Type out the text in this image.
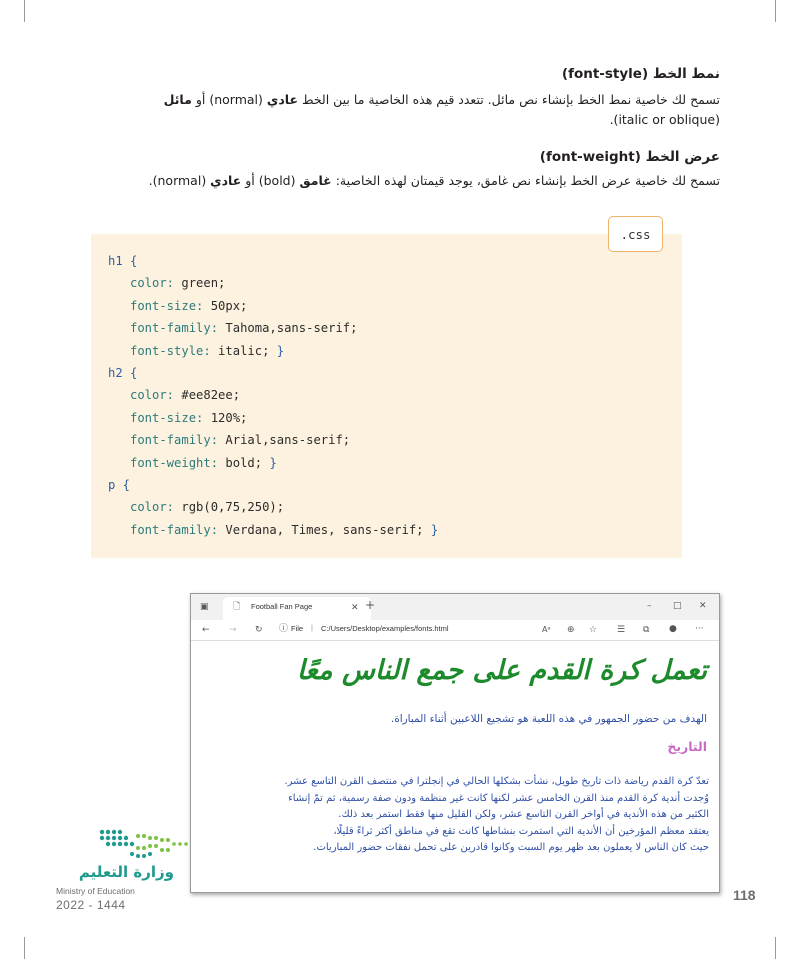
نمط الخط (font-style)

تسمح لك خاصية نمط الخط بإنشاء نص مائل. تتعدد قيم هذه الخاصية ما بين الخط عادي (normal) أو مائل
(italic or oblique).

عرض الخط (font-weight)

تسمح لك خاصية عرض الخط بإنشاء نص غامق، يوجد قيمتان لهذه الخاصية: غامق (bold) أو عادي (normal).

.css
h1 {
color: green;
font-size: 50px;
font-family: Tahoma,sans-serif;
font-style: italic; }
h2 {
color: #ee82ee;
font-size: 120%;
font-family: Arial,sans-serif;
font-weight: bold; }
p {
color: rgb(0,75,250);
font-family: Verdana, Times, sans-serif; }
▣	🗋 Football Fan Page	✕ +	– □ ✕
← → ↻ ⓘ File | C:/Users/Desktop/examples/fonts.html	Aᵃ ⊕ ☆ ☰ ⧉ ● ···
تعمل كرة القدم على جمع الناس معًا

الهدف من حضور الجمهور في هذه اللعبة هو تشجيع اللاعبين أثناء المباراة.

التاريخ

تعدّ كرة القدم رياضة ذات تاريخ طويل، نشأت بشكلها الحالي في إنجلترا في منتصف القرن التاسع عشر.
وُجدت أندية كرة القدم منذ القرن الخامس عشر لكنها كانت غير منظمة ودون صفة رسمية، ثم تمّ إنشاء
الكثير من هذه الأندية في أواخر القرن التاسع عشر، ولكن القليل منها فقط استمر بعد ذلك.
يعتقد معظم المؤرخين أن الأندية التي استمرت بنشاطها كانت تقع في مناطق أكثر ثراءً قليلًا،
حيث كان الناس لا يعملون بعد ظهر يوم السبت وكانوا قادرين على تحمل نفقات حضور المباريات.

وزارة التعليم
Ministry of Education
2022 - 1444
118
